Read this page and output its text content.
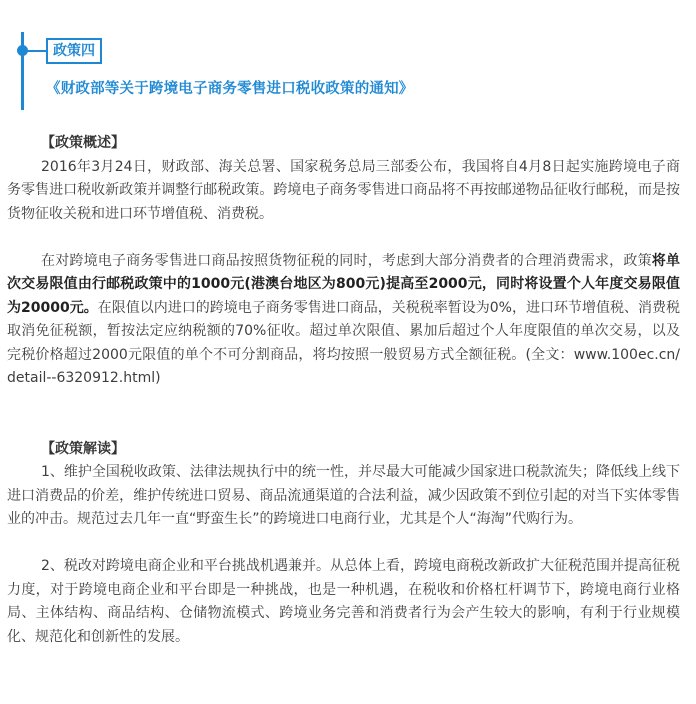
政策四
《财政部等关于跨境电子商务零售进口税收政策的通知》
【政策概述】

2016年3月24日，财政部、海关总署、国家税务总局三部委公布，我国将自4月8日起实施跨境电子商务零售进口税收新政策并调整行邮税政策。跨境电子商务零售进口商品将不再按邮递物品征收行邮税，而是按货物征收关税和进口环节增值税、消费税。

在对跨境电子商务零售进口商品按照货物征税的同时，考虑到大部分消费者的合理消费需求，政策将单次交易限值由行邮税政策中的1000元(港澳台地区为800元)提高至2000元，同时将设置个人年度交易限值为20000元。在限值以内进口的跨境电子商务零售进口商品，关税税率暂设为0%，进口环节增值税、消费税取消免征税额，暂按法定应纳税额的70%征收。超过单次限值、累加后超过个人年度限值的单次交易，以及完税价格超过2000元限值的单个不可分割商品，将均按照一般贸易方式全额征税。(全文：www.100ec.cn/detail--6320912.html)

【政策解读】

1、维护全国税收政策、法律法规执行中的统一性，并尽最大可能减少国家进口税款流失；降低线上线下进口消费品的价差，维护传统进口贸易、商品流通渠道的合法利益，减少因政策不到位引起的对当下实体零售业的冲击。规范过去几年一直“野蛮生长”的跨境进口电商行业，尤其是个人“海淘”代购行为。

2、税改对跨境电商企业和平台挑战机遇兼并。从总体上看，跨境电商税改新政扩大征税范围并提高征税力度，对于跨境电商企业和平台即是一种挑战，也是一种机遇，在税收和价格杠杆调节下，跨境电商行业格局、主体结构、商品结构、仓储物流模式、跨境业务完善和消费者行为会产生较大的影响，有利于行业规模化、规范化和创新性的发展。
